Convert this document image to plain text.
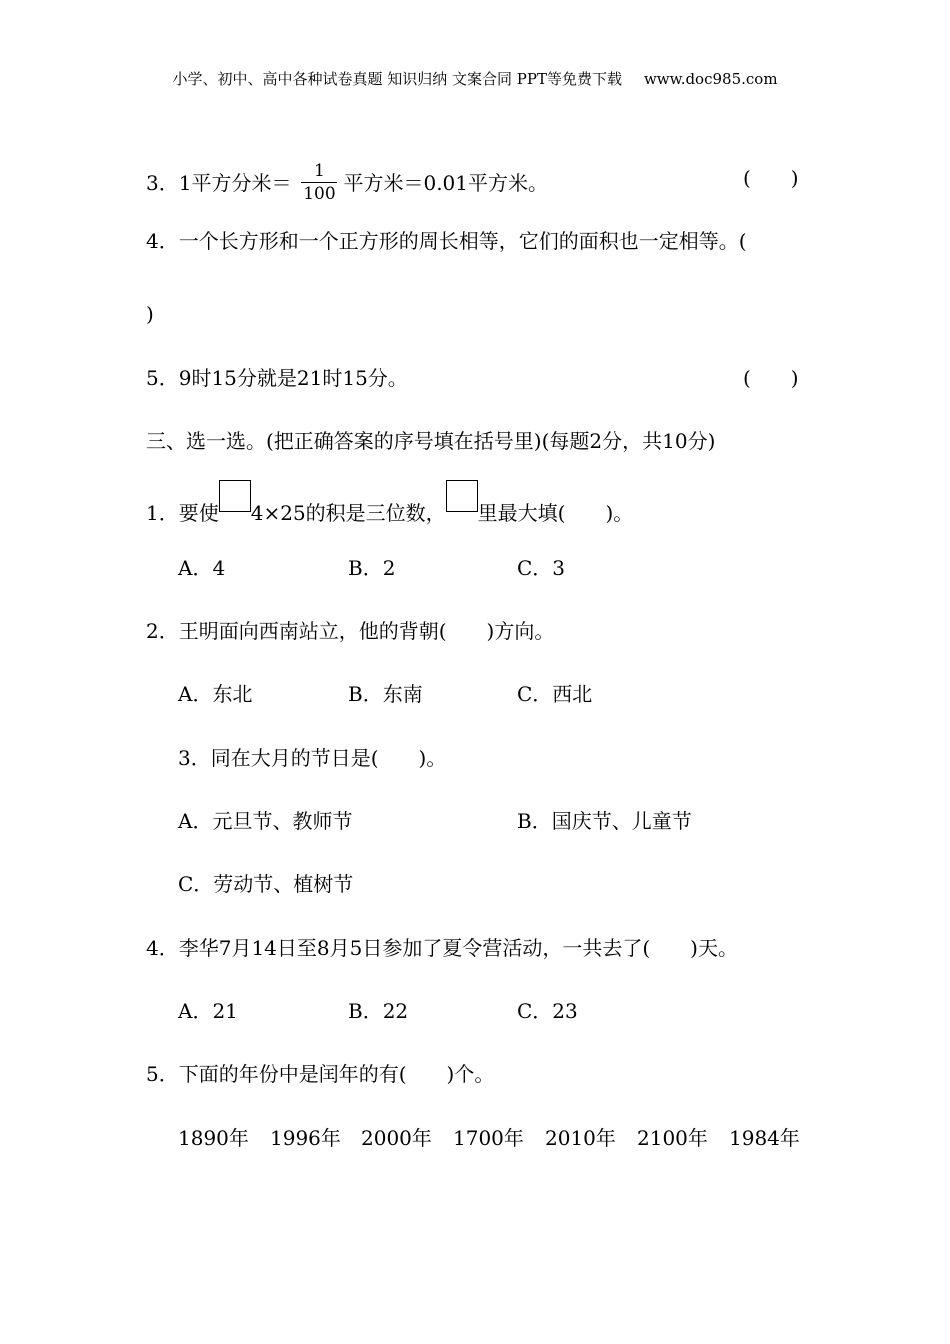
小学、初中、高中各种试卷真题 知识归纳 文案合同 PPT等免费下载 www.doc985.com
3．1平方分米＝ $\frac{1}{100}$ 平方米＝0.01平方米。	(　　)
4．一个长方形和一个正方形的周长相等，它们的面积也一定相等。(
)
5．9时15分就是21时15分。	(　　)
三、选一选。(把正确答案的序号填在括号里)(每题2分，共10分)
1．要使 4×25的积是三位数， 里最大填(　　)。
A．4	B．2	C．3
2．王明面向西南站立，他的背朝(　　)方向。
A．东北	B．东南	C．西北
3．同在大月的节日是(　　)。
A．元旦节、教师节	B．国庆节、儿童节
C．劳动节、植树节
4．李华7月14日至8月5日参加了夏令营活动，一共去了(　　)天。
A．21	B．22	C．23
5．下面的年份中是闰年的有(　　)个。
1890年 1996年 2000年 1700年 2010年 2100年 1984年
